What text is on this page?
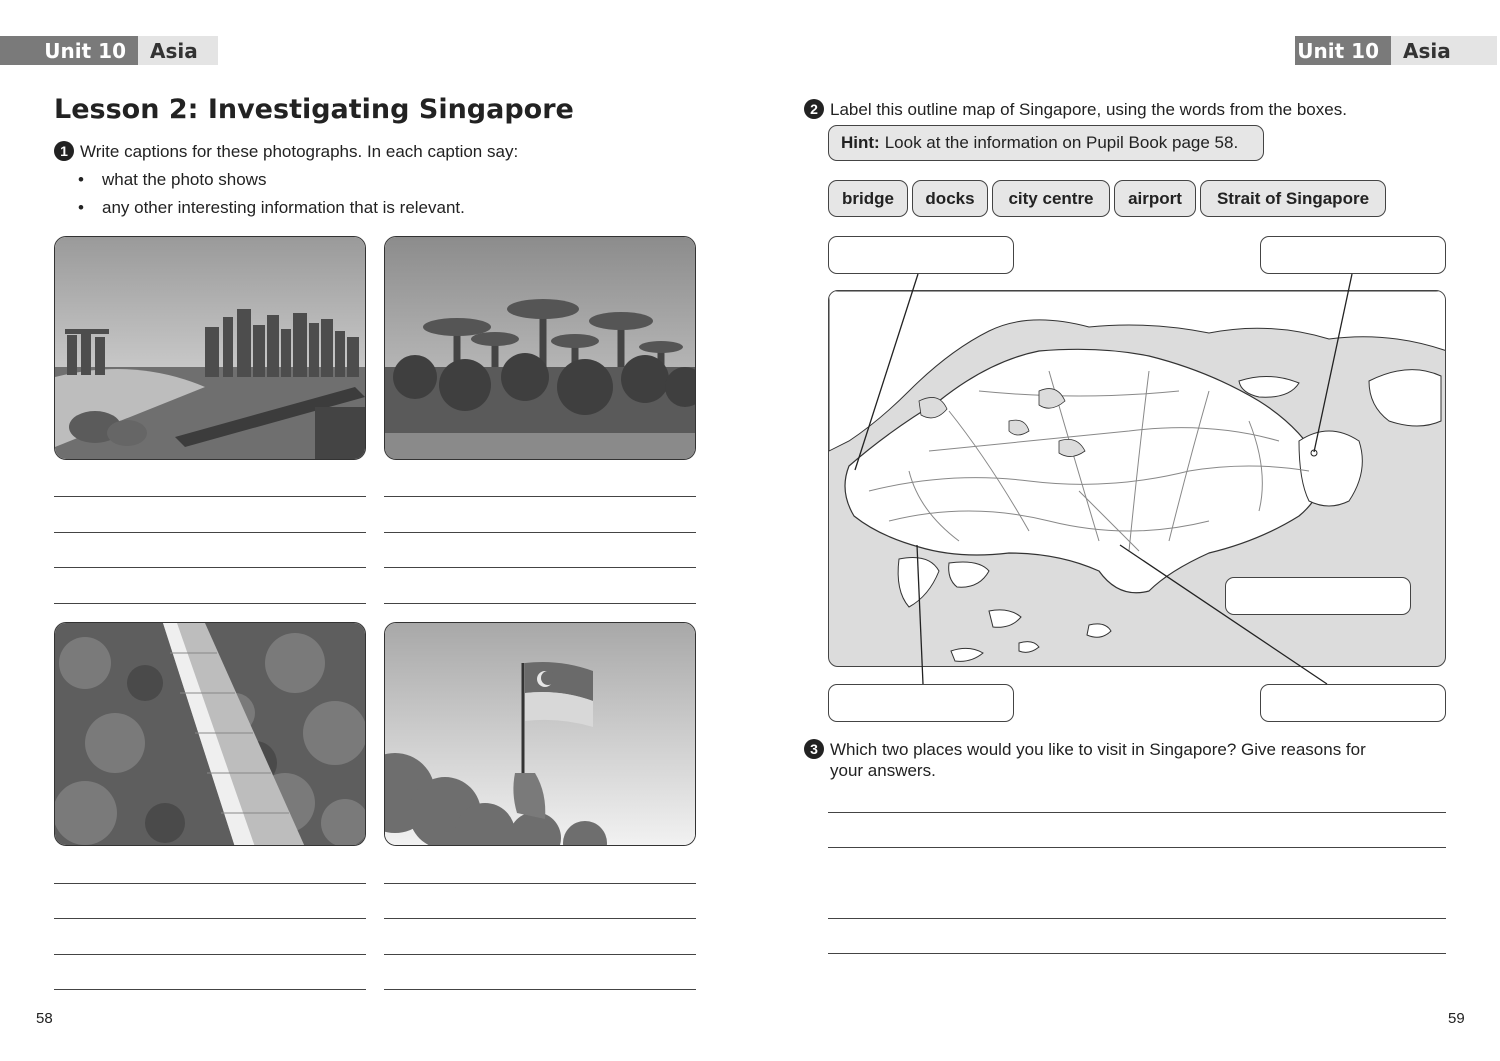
Unit 10	Asia	Unit 10	Asia
Lesson 2: Investigating Singapore
1 Write captions for these photographs. In each caption say:
• what the photo shows
• any other interesting information that is relevant.
58
2 Label this outline map of Singapore, using the words from the boxes.
Hint: Look at the information on Pupil Book page 58.
bridge	docks	city centre	airport	Strait of Singapore
3 Which two places would you like to visit in Singapore? Give reasons for
your answers.
59
